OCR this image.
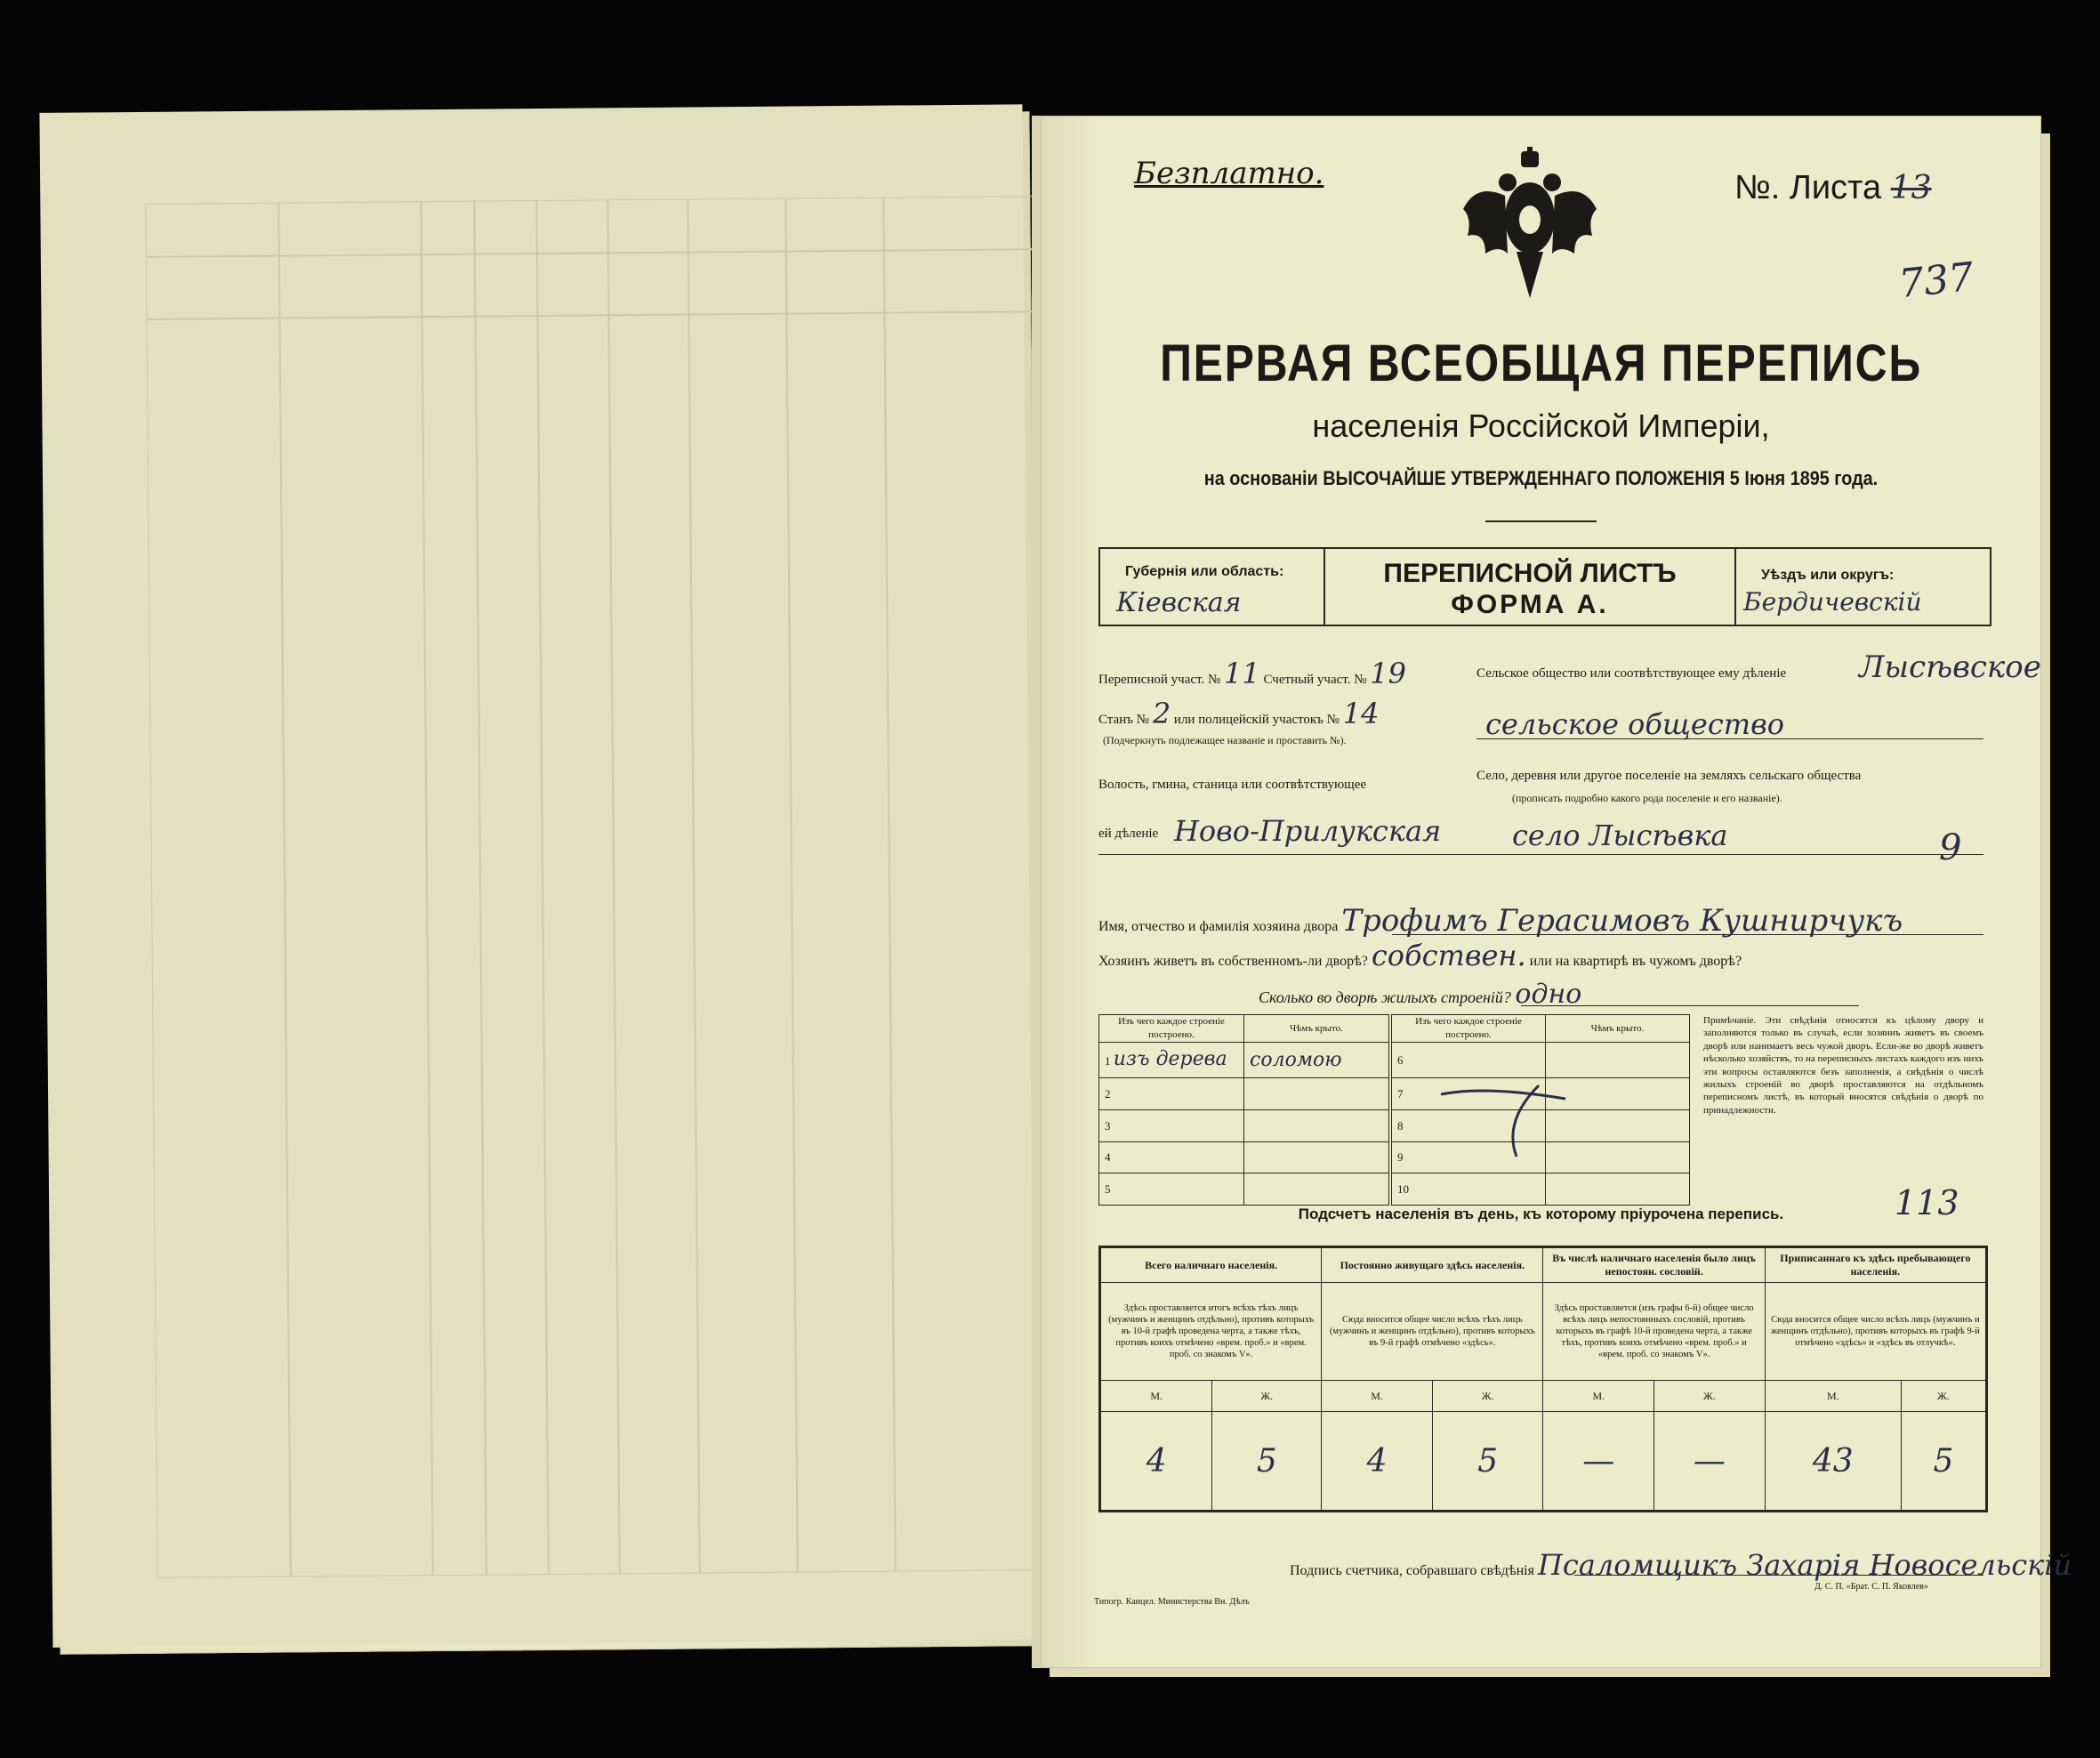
Безплатно.	№. Листа 13
737
ПЕРВАЯ ВСЕОБЩАЯ ПЕРЕПИСЬ
населенія Россійской Имперіи,
на основаніи ВЫСОЧАЙШЕ УТВЕРЖДЕННАГО ПОЛОЖЕНІЯ 5 Іюня 1895 года.
Губернія или область:
Кіевская
ПЕРЕПИСНОЙ ЛИСТЪ
ФОРМА А.
Уѣздъ или округъ:
Бердичевскій
Переписной участ. № 11 Счетный участ. № 19
Станъ № 2 или полицейскій участокъ № 14
(Подчеркнуть подлежащее названіе и проставить №).
Волость, гмина, станица или соотвѣтствующее
ей дѣленіе Ново-Прилукская
Сельское общество или соотвѣтствующее ему дѣленіе Лысѣвское
сельское общество
Село, деревня или другое поселеніе на земляхъ сельскаго общества
(прописать подробно какого рода поселеніе и его названіе).
село Лысѣвка	9
Имя, отчество и фамилія хозяина двора Трофимъ Герасимовъ Кушнирчукъ
Хозяинъ живетъ въ собственномъ-ли дворѣ? собствен. или на квартирѣ въ чужомъ дворѣ?
Сколько во дворѣ жилыхъ строеній? одно
Изъ чего каждое строеніе построено.	Чѣмъ крыто.	Изъ чего каждое строеніе построено.	Чѣмъ крыто.
1 изъ дерева	соломою	6	
2		7	
3		8	
4		9	
5		10	
Примѣчаніе. Эти свѣдѣнія относятся къ цѣлому двору и заполняются только въ случаѣ, если хозяинъ живетъ въ своемъ дворѣ или нанимаетъ весь чужой дворъ. Если-же во дворѣ живетъ нѣсколько хозяйствъ, то на переписныхъ листахъ каждого изъ нихъ эти вопросы оставляются безъ заполненія, а свѣдѣнія о числѣ жилыхъ строеній во дворѣ проставляются на отдѣльномъ переписномъ листѣ, въ который вносятся свѣдѣнія о дворѣ по принадлежности.
Подсчетъ населенія въ день, къ которому пріурочена перепись.	113
Всего наличнаго населенія.		Постоянно живущаго здѣсь населенія.		Въ числѣ наличнаго населенія было лицъ непостоян. сословій.		Приписаннаго къ здѣсь пребывающего населенія.	
Здѣсь проставляется итогъ всѣхъ тѣхъ лицъ (мужчинъ и женщинъ отдѣльно), противъ которыхъ въ 10-й графѣ проведена черта, а также тѣхъ, противъ коихъ отмѣчено «врем. проб.» и «врем. проб. со знакомъ V».		Сюда вносится общее число всѣхъ тѣхъ лицъ (мужчинъ и женщинъ отдѣльно), противъ которыхъ въ 9-й графѣ отмѣчено «здѣсь».		Здѣсь проставляется (изъ графы 6-й) общее число всѣхъ лицъ непостоянныхъ сословій, противъ которыхъ въ графѣ 10-й проведена черта, а также тѣхъ, противъ коихъ отмѣчено «врем. проб.» и «врем. проб. со знакомъ V».		Сюда вносится общее число всѣхъ лицъ (мужчинъ и женщинъ отдѣльно), противъ которыхъ въ графѣ 9-й отмѣчено «здѣсь» и «здѣсь въ отлучкѣ».	
М.	Ж.	М.	Ж.	М.	Ж.	М.	Ж.
4	5	4	5	—	—	43	5
Подпись счетчика, собравшаго свѣдѣнія Псаломщикъ Захарія Новосельскій
Типогр. Канцел. Министерства Вн. Дѣлъ
Д. С. П. «Брат. С. П. Яковлев»
